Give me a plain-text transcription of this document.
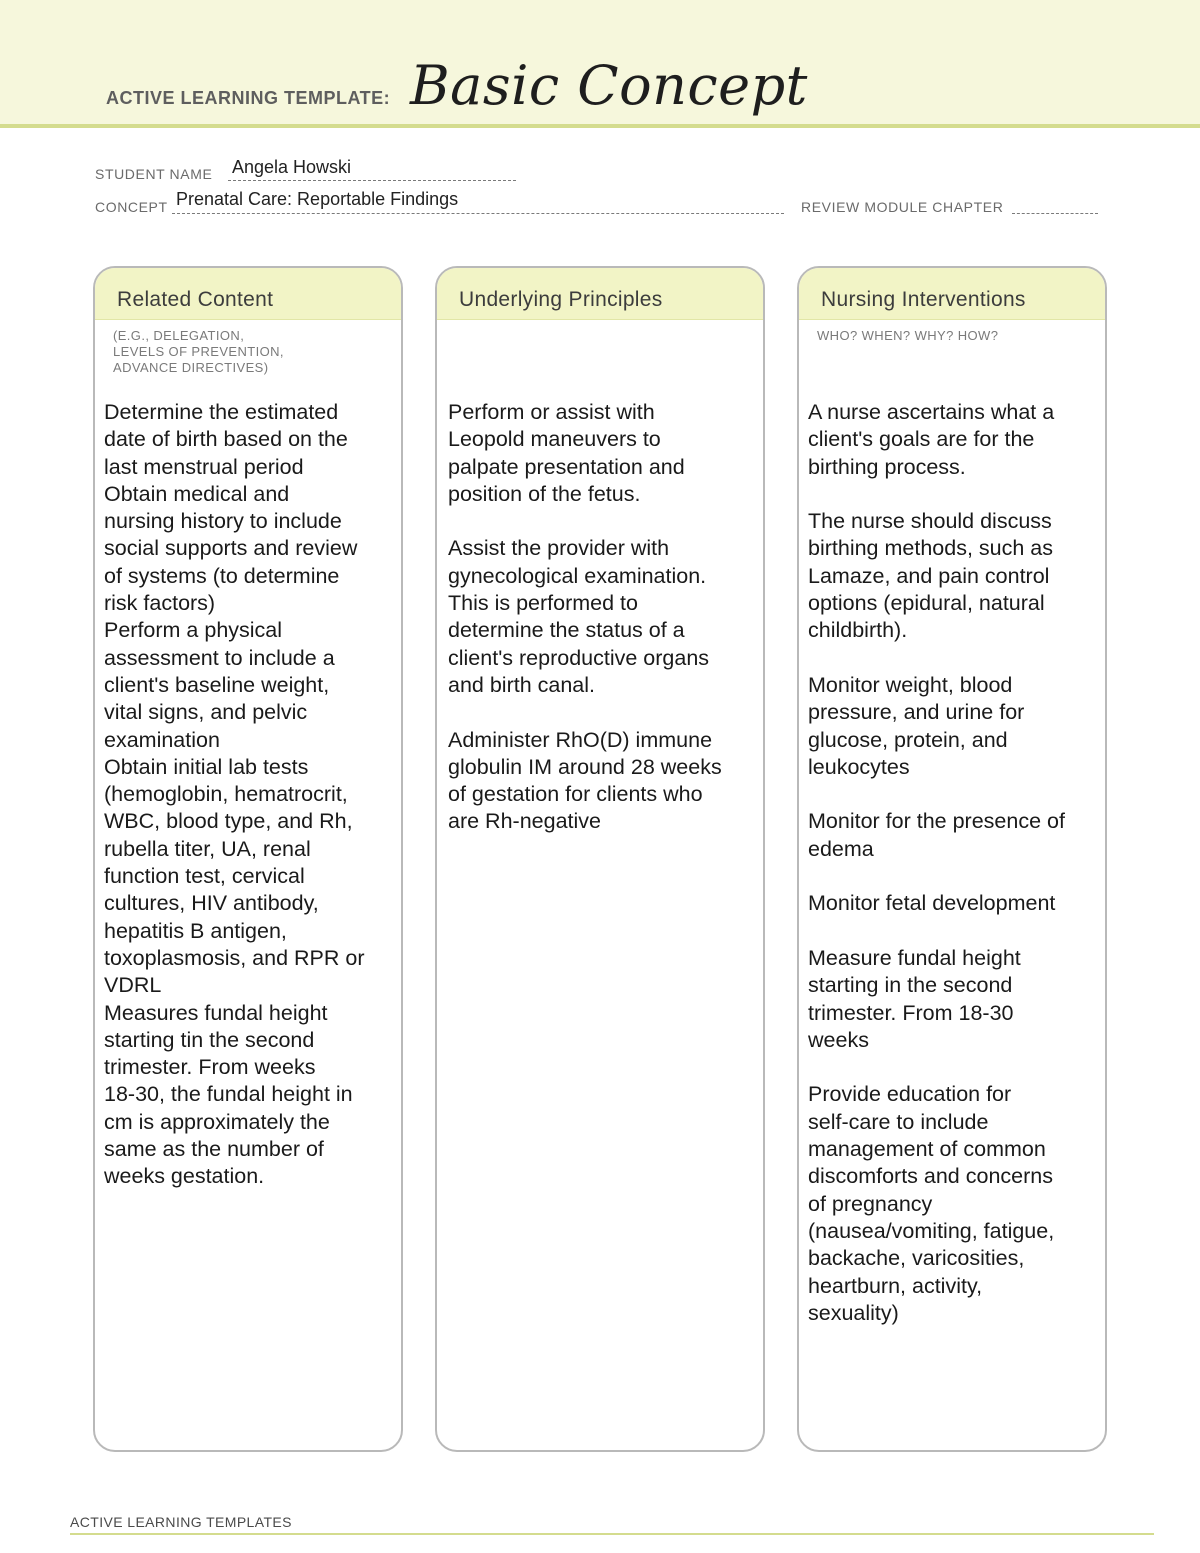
ACTIVE LEARNING TEMPLATE: Basic Concept
STUDENT NAME Angela Howski
CONCEPT Prenatal Care: Reportable Findings	REVIEW MODULE CHAPTER
Related Content
(E.G., DELEGATION,
LEVELS OF PREVENTION,
ADVANCE DIRECTIVES)
Determine the estimated
date of birth based on the
last menstrual period
Obtain medical and
nursing history to include
social supports and review
of systems (to determine
risk factors)
Perform a physical
assessment to include a
client's baseline weight,
vital signs, and pelvic
examination
Obtain initial lab tests
(hemoglobin, hematrocrit,
WBC, blood type, and Rh,
rubella titer, UA, renal
function test, cervical
cultures, HIV antibody,
hepatitis B antigen,
toxoplasmosis, and RPR or
VDRL
Measures fundal height
starting tin the second
trimester. From weeks
18-30, the fundal height in
cm is approximately the
same as the number of
weeks gestation.
Underlying Principles
Perform or assist with
Leopold maneuvers to
palpate presentation and
position of the fetus.
Assist the provider with
gynecological examination.
This is performed to
determine the status of a
client's reproductive organs
and birth canal.
Administer RhO(D) immune
globulin IM around 28 weeks
of gestation for clients who
are Rh-negative
Nursing Interventions
WHO? WHEN? WHY? HOW?
A nurse ascertains what a
client's goals are for the
birthing process.
The nurse should discuss
birthing methods, such as
Lamaze, and pain control
options (epidural, natural
childbirth).
Monitor weight, blood
pressure, and urine for
glucose, protein, and
leukocytes
Monitor for the presence of
edema
Monitor fetal development
Measure fundal height
starting in the second
trimester. From 18-30
weeks
Provide education for
self-care to include
management of common
discomforts and concerns
of pregnancy
(nausea/vomiting, fatigue,
backache, varicosities,
heartburn, activity,
sexuality)
ACTIVE LEARNING TEMPLATES
